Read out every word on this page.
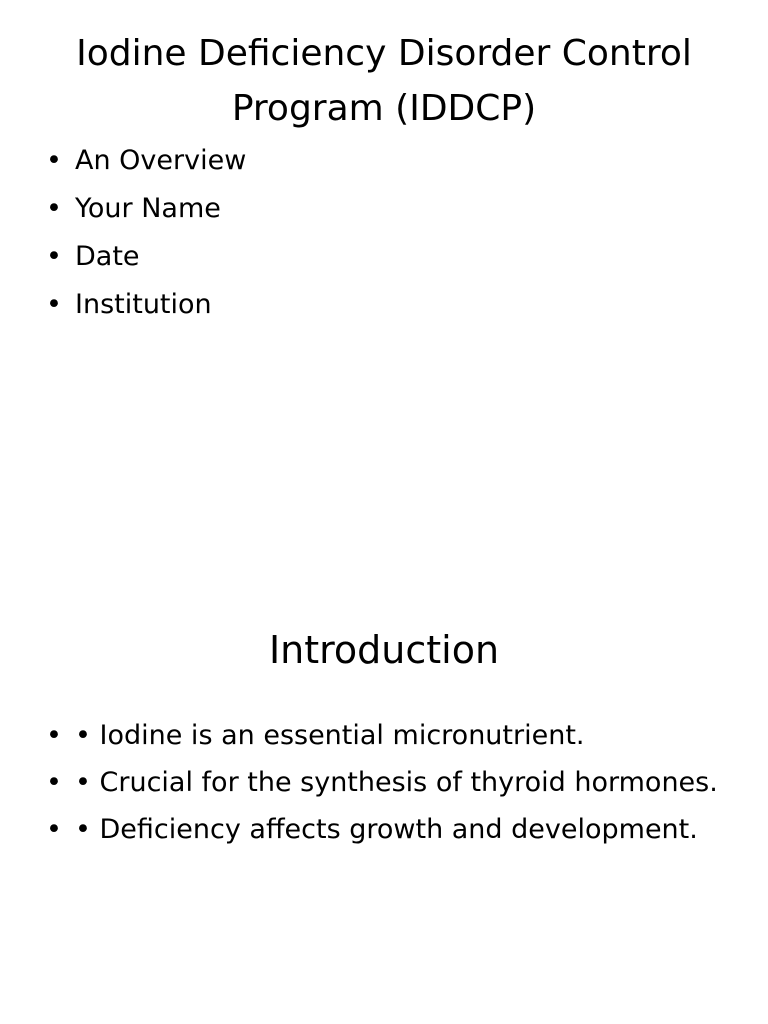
Iodine Deficiency Disorder Control Program (IDDCP)
• An Overview
• Your Name
• Date
• Institution
Introduction
• • Iodine is an essential micronutrient.
• • Crucial for the synthesis of thyroid hormones.
• • Deficiency affects growth and development.
